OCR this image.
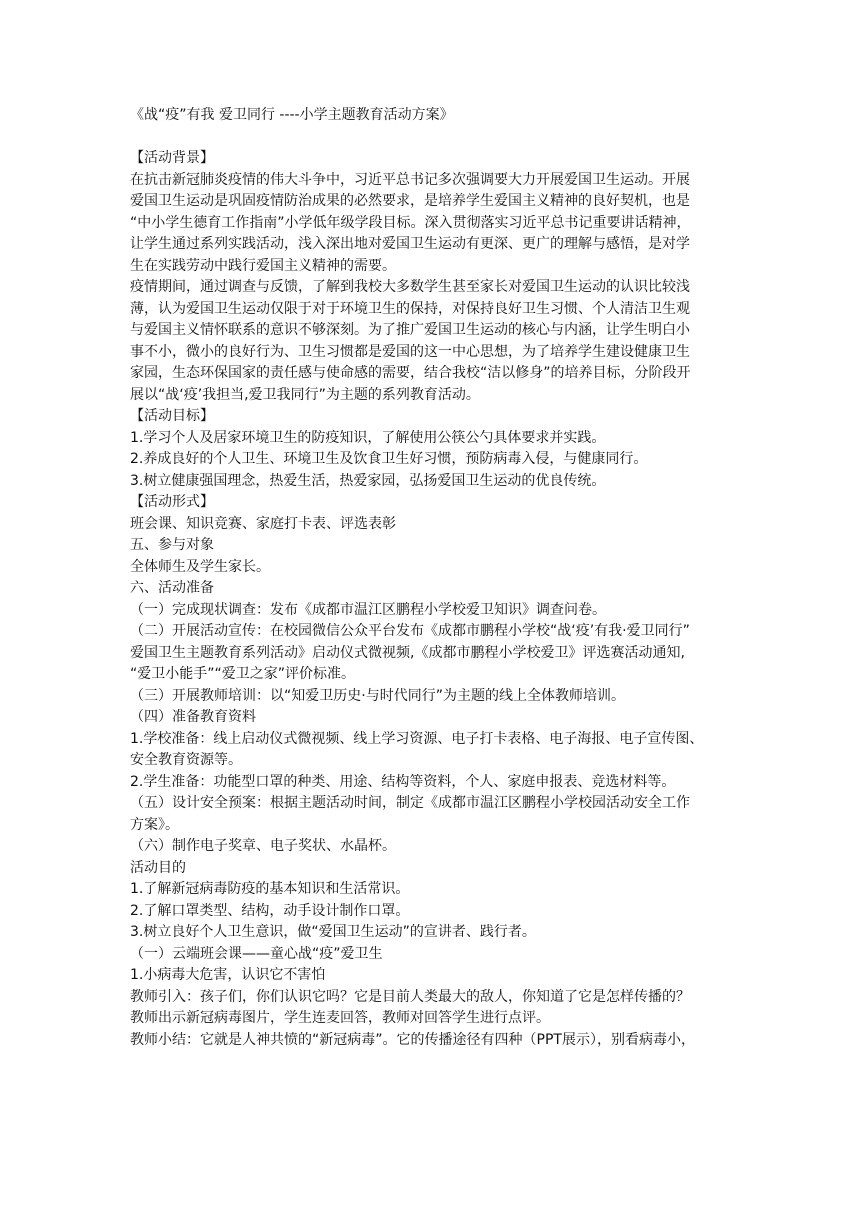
《战“疫”有我 爱卫同行 ----小学主题教育活动方案》
【活动背景】
在抗击新冠肺炎疫情的伟大斗争中，习近平总书记多次强调要大力开展爱国卫生运动。开展
爱国卫生运动是巩固疫情防治成果的必然要求，是培养学生爱国主义精神的良好契机，也是
“中小学生德育工作指南”小学低年级学段目标。深入贯彻落实习近平总书记重要讲话精神，
让学生通过系列实践活动，浅入深出地对爱国卫生运动有更深、更广的理解与感悟，是对学
生在实践劳动中践行爱国主义精神的需要。
疫情期间，通过调查与反馈，了解到我校大多数学生甚至家长对爱国卫生运动的认识比较浅
薄，认为爱国卫生运动仅限于对于环境卫生的保持，对保持良好卫生习惯、个人清洁卫生观
与爱国主义情怀联系的意识不够深刻。为了推广爱国卫生运动的核心与内涵，让学生明白小
事不小，微小的良好行为、卫生习惯都是爱国的这一中心思想，为了培养学生建设健康卫生
家园，生态环保国家的责任感与使命感的需要，结合我校“洁以修身”的培养目标，分阶段开
展以“战‘疫’我担当,爱卫我同行”为主题的系列教育活动。
【活动目标】
1.学习个人及居家环境卫生的防疫知识，了解使用公筷公勺具体要求并实践。
2.养成良好的个人卫生、环境卫生及饮食卫生好习惯，预防病毒入侵，与健康同行。
3.树立健康强国理念，热爱生活，热爱家园，弘扬爱国卫生运动的优良传统。
【活动形式】
班会课、知识竞赛、家庭打卡表、评选表彰
五、参与对象
全体师生及学生家长。
六、活动准备
（一）完成现状调查：发布《成都市温江区鹏程小学校爱卫知识》调查问卷。
（二）开展活动宣传：在校园微信公众平台发布《成都市鹏程小学校“战‘疫’有我·爱卫同行”
爱国卫生主题教育系列活动》启动仪式微视频,《成都市鹏程小学校爱卫》评选赛活动通知,
“爱卫小能手”“爱卫之家”评价标准。
（三）开展教师培训：以“知爱卫历史·与时代同行”为主题的线上全体教师培训。
（四）准备教育资料
1.学校准备：线上启动仪式微视频、线上学习资源、电子打卡表格、电子海报、电子宣传图、
安全教育资源等。
2.学生准备：功能型口罩的种类、用途、结构等资料，个人、家庭申报表、竞选材料等。
（五）设计安全预案：根据主题活动时间，制定《成都市温江区鹏程小学校园活动安全工作
方案》。
（六）制作电子奖章、电子奖状、水晶杯。
活动目的
1.了解新冠病毒防疫的基本知识和生活常识。
2.了解口罩类型、结构，动手设计制作口罩。
3.树立良好个人卫生意识，做“爱国卫生运动”的宣讲者、践行者。
（一）云端班会课——童心战“疫”爱卫生
1.小病毒大危害，认识它不害怕
教师引入：孩子们，你们认识它吗？它是目前人类最大的敌人，你知道了它是怎样传播的？
教师出示新冠病毒图片，学生连麦回答，教师对回答学生进行点评。
教师小结：它就是人神共愤的“新冠病毒”。它的传播途径有四种（PPT展示），别看病毒小，
